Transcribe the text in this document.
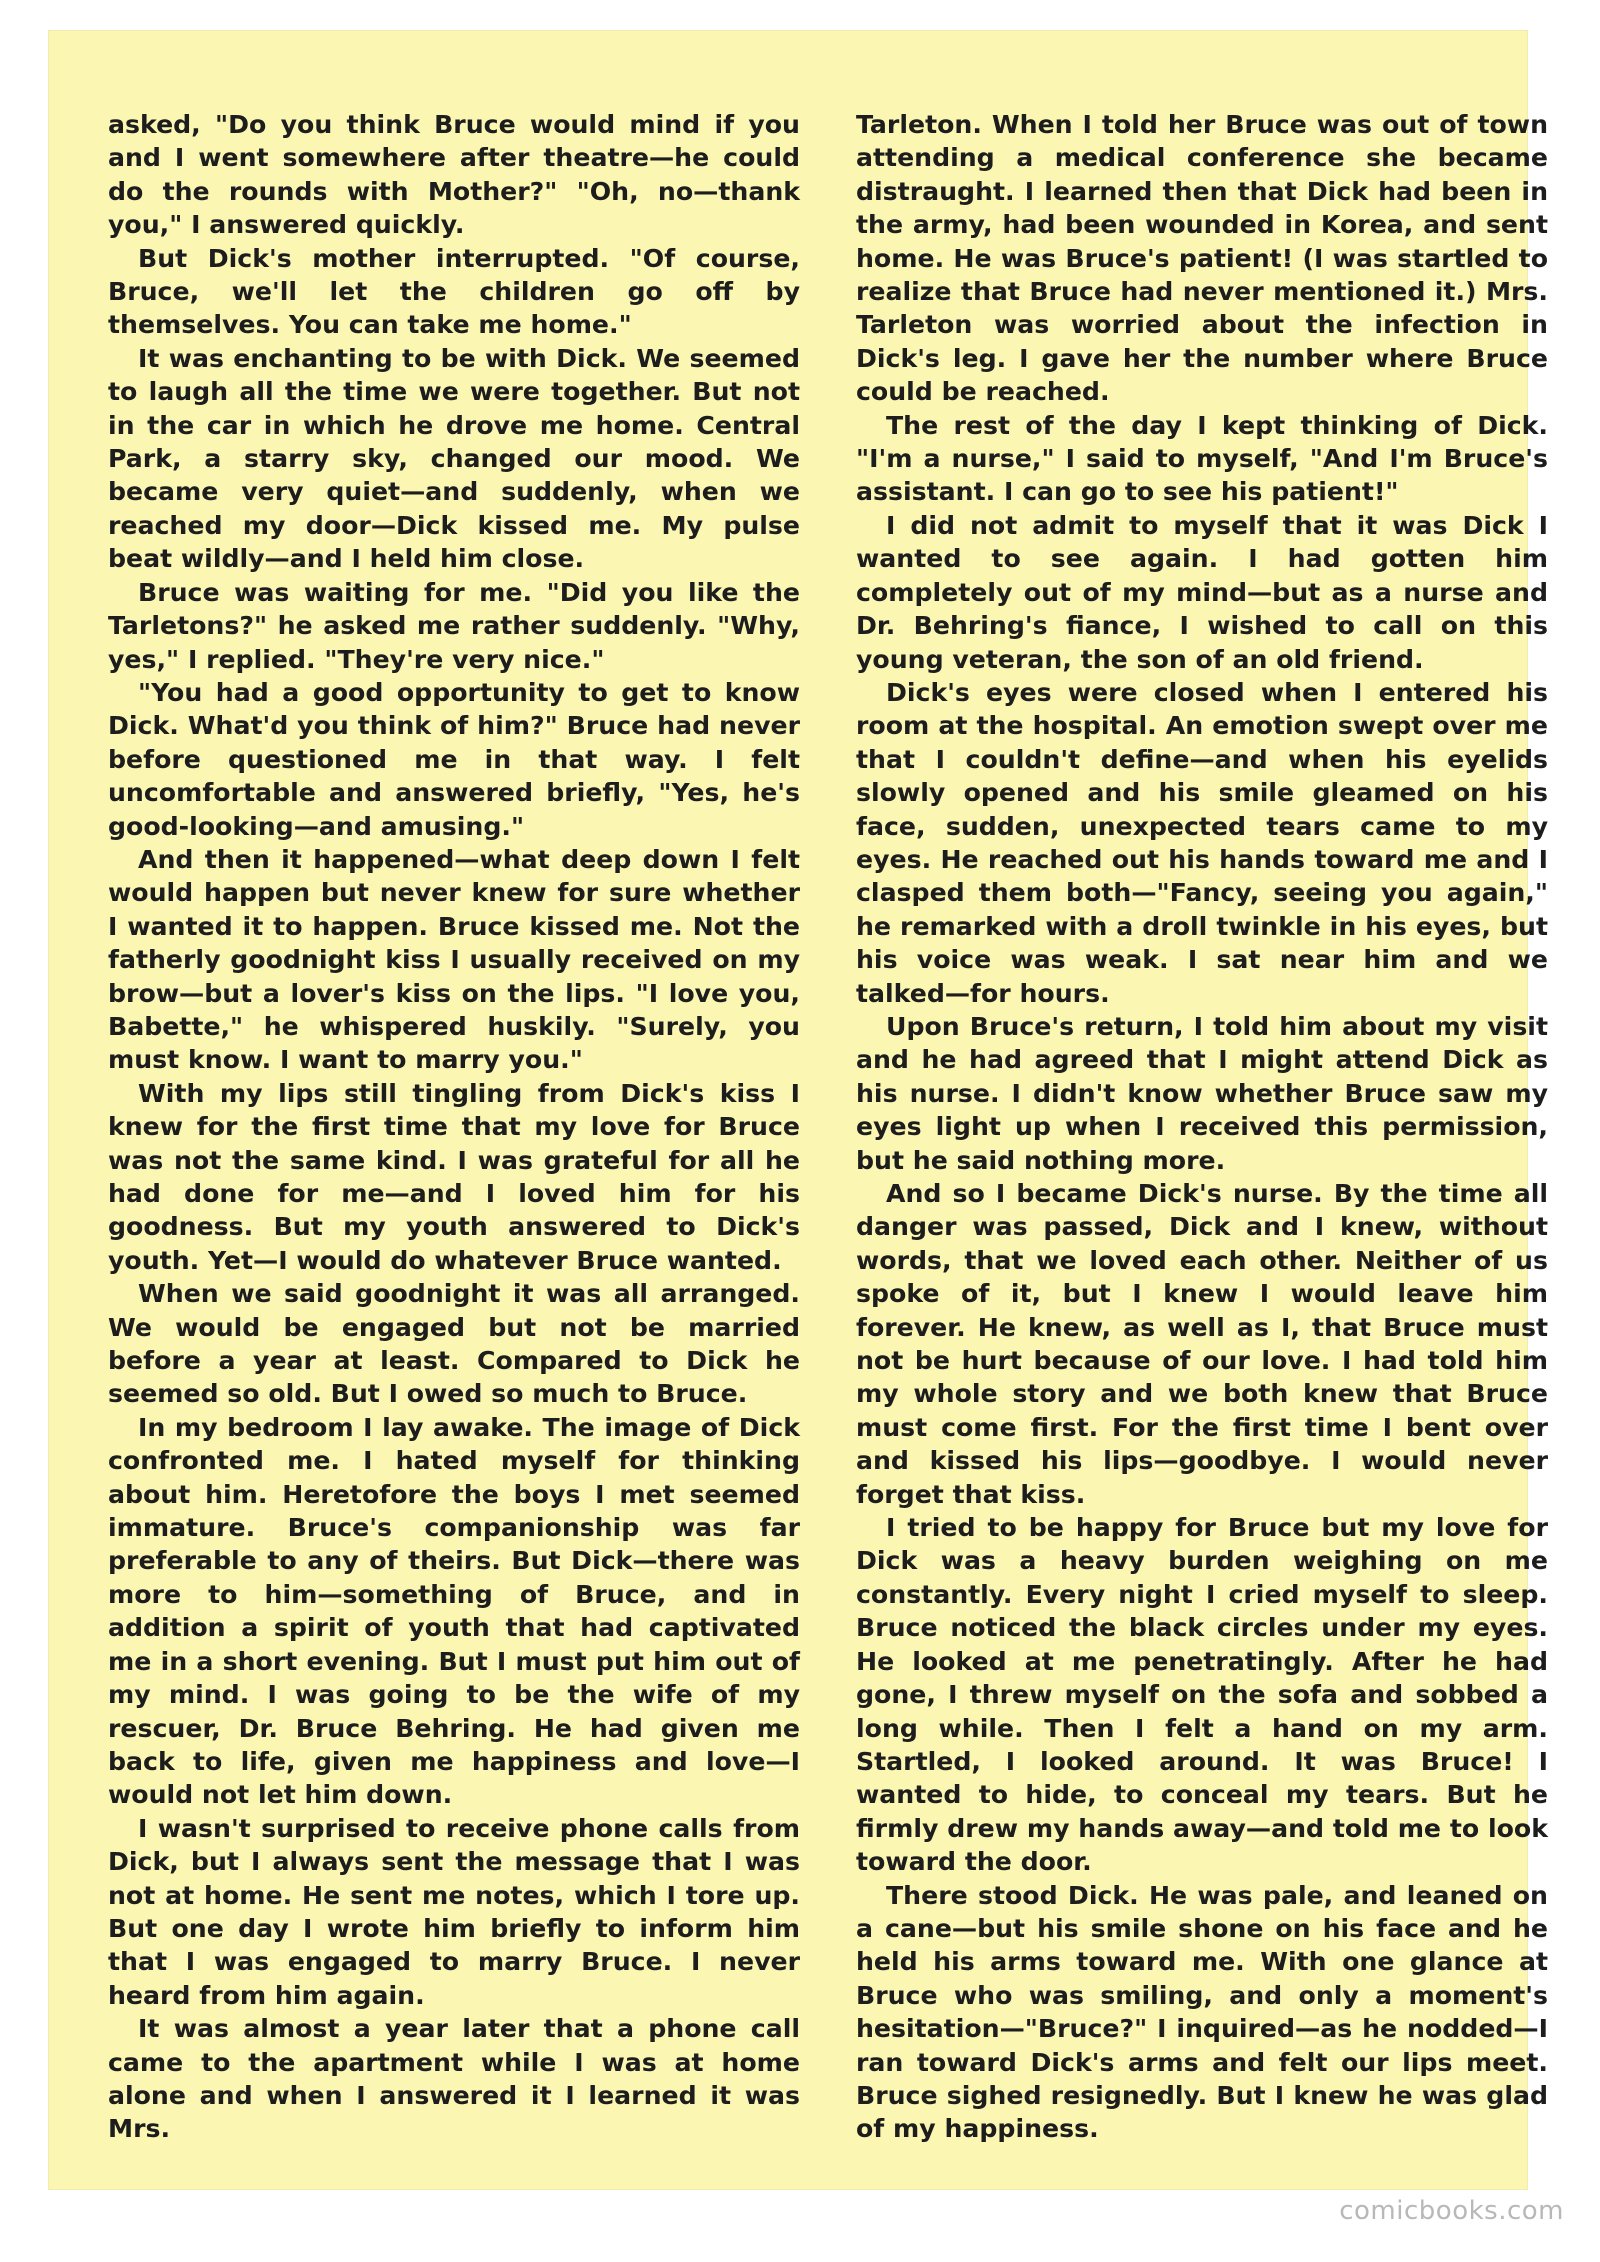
asked, "Do you think Bruce would mind if you and I went somewhere after theatre—he could do the rounds with Mother?" "Oh, no—thank you," I answered quickly.

But Dick's mother interrupted. "Of course, Bruce, we'll let the children go off by themselves. You can take me home."

It was enchanting to be with Dick. We seemed to laugh all the time we were together. But not in the car in which he drove me home. Central Park, a starry sky, changed our mood. We became very quiet—and suddenly, when we reached my door—Dick kissed me. My pulse beat wildly—and I held him close.

Bruce was waiting for me. "Did you like the Tarletons?" he asked me rather suddenly. "Why, yes," I replied. "They're very nice."

"You had a good opportunity to get to know Dick. What'd you think of him?" Bruce had never before questioned me in that way. I felt uncomfortable and answered briefly, "Yes, he's good-looking—and amusing."

And then it happened—what deep down I felt would happen but never knew for sure whether I wanted it to happen. Bruce kissed me. Not the fatherly goodnight kiss I usually received on my brow—but a lover's kiss on the lips. "I love you, Babette," he whispered huskily. "Surely, you must know. I want to marry you."

With my lips still tingling from Dick's kiss I knew for the first time that my love for Bruce was not the same kind. I was grateful for all he had done for me—and I loved him for his goodness. But my youth answered to Dick's youth. Yet—I would do whatever Bruce wanted.

When we said goodnight it was all arranged. We would be engaged but not be married before a year at least. Compared to Dick he seemed so old. But I owed so much to Bruce.

In my bedroom I lay awake. The image of Dick confronted me. I hated myself for thinking about him. Heretofore the boys I met seemed immature. Bruce's companionship was far preferable to any of theirs. But Dick—there was more to him—something of Bruce, and in addition a spirit of youth that had captivated me in a short evening. But I must put him out of my mind. I was going to be the wife of my rescuer, Dr. Bruce Behring. He had given me back to life, given me happiness and love—I would not let him down.

I wasn't surprised to receive phone calls from Dick, but I always sent the message that I was not at home. He sent me notes, which I tore up. But one day I wrote him briefly to inform him that I was engaged to marry Bruce. I never heard from him again.

It was almost a year later that a phone call came to the apartment while I was at home alone and when I answered it I learned it was Mrs.

Tarleton. When I told her Bruce was out of town attending a medical conference she became distraught. I learned then that Dick had been in the army, had been wounded in Korea, and sent home. He was Bruce's patient! (I was startled to realize that Bruce had never mentioned it.) Mrs. Tarleton was worried about the infection in Dick's leg. I gave her the number where Bruce could be reached.

The rest of the day I kept thinking of Dick. "I'm a nurse," I said to myself, "And I'm Bruce's assistant. I can go to see his patient!"

I did not admit to myself that it was Dick I wanted to see again. I had gotten him completely out of my mind—but as a nurse and Dr. Behring's fiance, I wished to call on this young veteran, the son of an old friend.

Dick's eyes were closed when I entered his room at the hospital. An emotion swept over me that I couldn't define—and when his eyelids slowly opened and his smile gleamed on his face, sudden, unexpected tears came to my eyes. He reached out his hands toward me and I clasped them both—"Fancy, seeing you again," he remarked with a droll twinkle in his eyes, but his voice was weak. I sat near him and we talked—for hours.

Upon Bruce's return, I told him about my visit and he had agreed that I might attend Dick as his nurse. I didn't know whether Bruce saw my eyes light up when I received this permission, but he said nothing more.

And so I became Dick's nurse. By the time all danger was passed, Dick and I knew, without words, that we loved each other. Neither of us spoke of it, but I knew I would leave him forever. He knew, as well as I, that Bruce must not be hurt because of our love. I had told him my whole story and we both knew that Bruce must come first. For the first time I bent over and kissed his lips—goodbye. I would never forget that kiss.

I tried to be happy for Bruce but my love for Dick was a heavy burden weighing on me constantly. Every night I cried myself to sleep. Bruce noticed the black circles under my eyes. He looked at me penetratingly. After he had gone, I threw myself on the sofa and sobbed a long while. Then I felt a hand on my arm. Startled, I looked around. It was Bruce! I wanted to hide, to conceal my tears. But he firmly drew my hands away—and told me to look toward the door.

There stood Dick. He was pale, and leaned on a cane—but his smile shone on his face and he held his arms toward me. With one glance at Bruce who was smiling, and only a moment's hesitation—"Bruce?" I inquired—as he nodded—I ran toward Dick's arms and felt our lips meet. Bruce sighed resignedly. But I knew he was glad of my happiness.

comicbooks.com
